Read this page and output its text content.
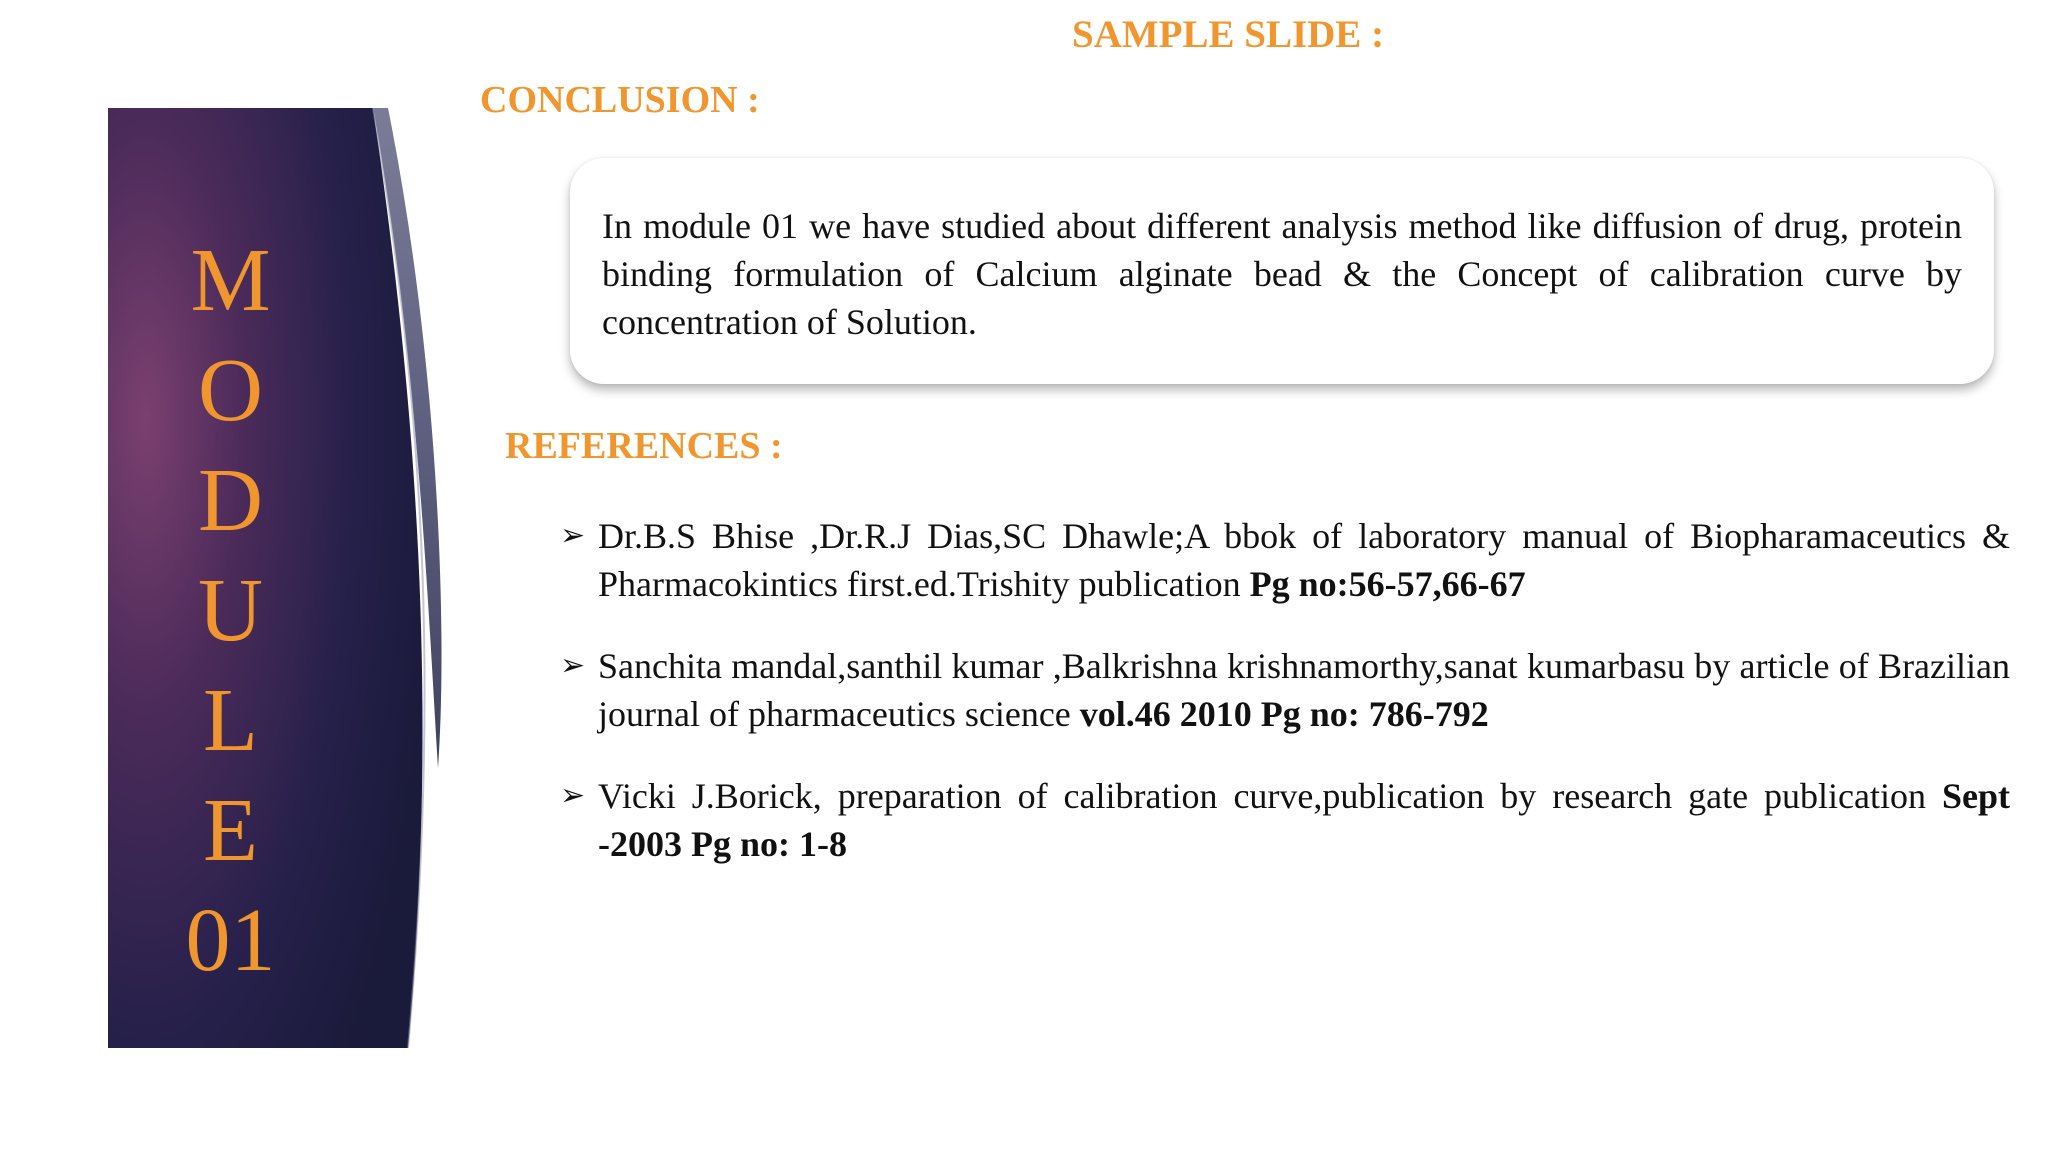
SAMPLE SLIDE :
CONCLUSION :
M
O
D
U
L
E
01
In module 01 we have studied about different analysis method like diffusion of drug, protein binding formulation of Calcium alginate bead & the Concept of calibration curve by concentration of Solution.
REFERENCES :
➢ Dr.B.S Bhise ,Dr.R.J Dias,SC Dhawle;A bbok of laboratory manual of Biopharamaceutics & Pharmacokintics first.ed.Trishity publication Pg no:56-57,66-67
➢ Sanchita mandal,santhil kumar ,Balkrishna krishnamorthy,sanat kumarbasu by article of Brazilian journal of pharmaceutics science vol.46 2010 Pg no: 786-792
➢ Vicki J.Borick, preparation of calibration curve,publication by research gate publication Sept -2003 Pg no: 1-8
